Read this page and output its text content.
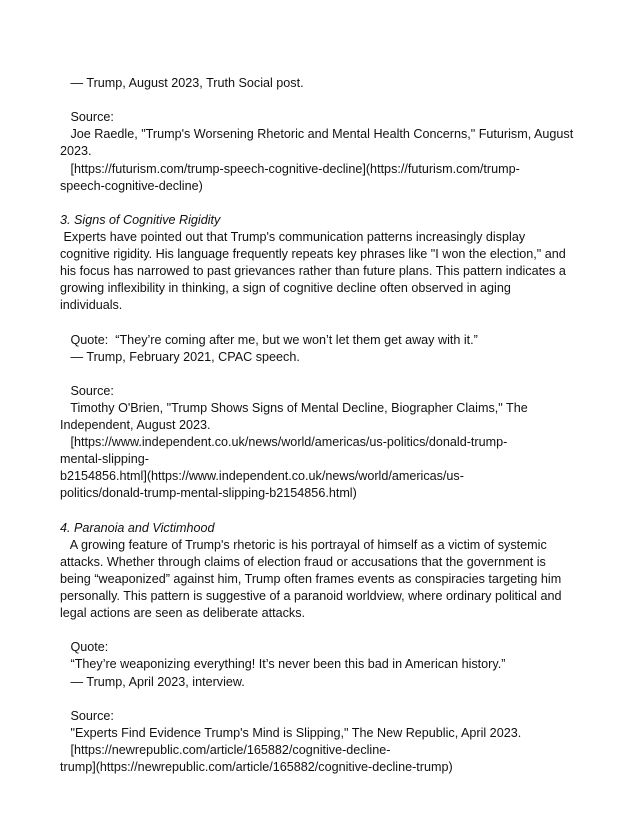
— Trump, August 2023, Truth Social post.
Source:
Joe Raedle, "Trump's Worsening Rhetoric and Mental Health Concerns," Futurism, August
2023.
[https://futurism.com/trump-speech-cognitive-decline](https://futurism.com/trump-
speech-cognitive-decline)
3. Signs of Cognitive Rigidity
Experts have pointed out that Trump's communication patterns increasingly display
cognitive rigidity. His language frequently repeats key phrases like "I won the election," and
his focus has narrowed to past grievances rather than future plans. This pattern indicates a
growing inflexibility in thinking, a sign of cognitive decline often observed in aging
individuals.
Quote:  “They’re coming after me, but we won’t let them get away with it.”
— Trump, February 2021, CPAC speech.
Source:
Timothy O'Brien, "Trump Shows Signs of Mental Decline, Biographer Claims," The
Independent, August 2023.
[https://www.independent.co.uk/news/world/americas/us-politics/donald-trump-
mental-slipping-
b2154856.html](https://www.independent.co.uk/news/world/americas/us-
politics/donald-trump-mental-slipping-b2154856.html)
4. Paranoia and Victimhood
A growing feature of Trump's rhetoric is his portrayal of himself as a victim of systemic
attacks. Whether through claims of election fraud or accusations that the government is
being “weaponized” against him, Trump often frames events as conspiracies targeting him
personally. This pattern is suggestive of a paranoid worldview, where ordinary political and
legal actions are seen as deliberate attacks.
Quote:
“They’re weaponizing everything! It’s never been this bad in American history.”
— Trump, April 2023, interview.
Source:
"Experts Find Evidence Trump's Mind is Slipping," The New Republic, April 2023.
[https://newrepublic.com/article/165882/cognitive-decline-
trump](https://newrepublic.com/article/165882/cognitive-decline-trump)
